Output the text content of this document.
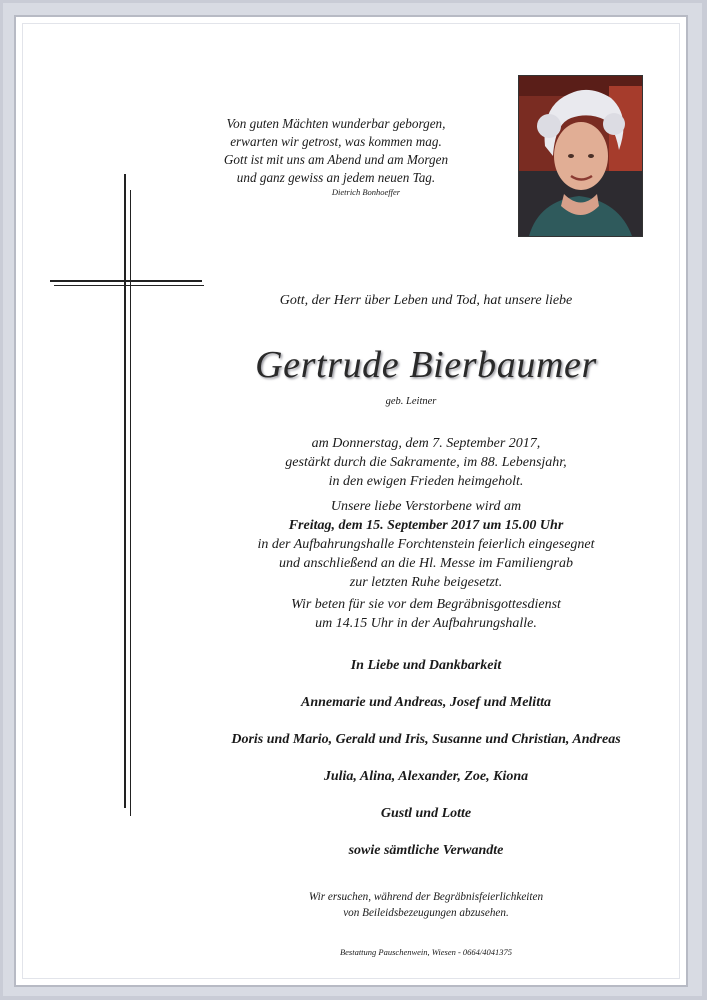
Von guten Mächten wunderbar geborgen,
erwarten wir getrost, was kommen mag.
Gott ist mit uns am Abend und am Morgen
und ganz gewiss an jedem neuen Tag.
Dietrich Bonhoeffer
Gott, der Herr über Leben und Tod, hat unsere liebe
Gertrude Bierbaumer
geb. Leitner
am Donnerstag, dem 7. September 2017,
gestärkt durch die Sakramente, im 88. Lebensjahr,
in den ewigen Frieden heimgeholt.
Unsere liebe Verstorbene wird am
Freitag, dem 15. September 2017 um 15.00 Uhr
in der Aufbahrungshalle Forchtenstein feierlich eingesegnet
und anschließend an die Hl. Messe im Familiengrab
zur letzten Ruhe beigesetzt.
Wir beten für sie vor dem Begräbnisgottesdienst
um 14.15 Uhr in der Aufbahrungshalle.
In Liebe und Dankbarkeit
Annemarie und Andreas, Josef und Melitta
Doris und Mario, Gerald und Iris, Susanne und Christian, Andreas
Julia, Alina, Alexander, Zoe, Kiona
Gustl und Lotte
sowie sämtliche Verwandte
Wir ersuchen, während der Begräbnisfeierlichkeiten
von Beileidsbezeugungen abzusehen.
Bestattung Pauschenwein, Wiesen - 0664/4041375
